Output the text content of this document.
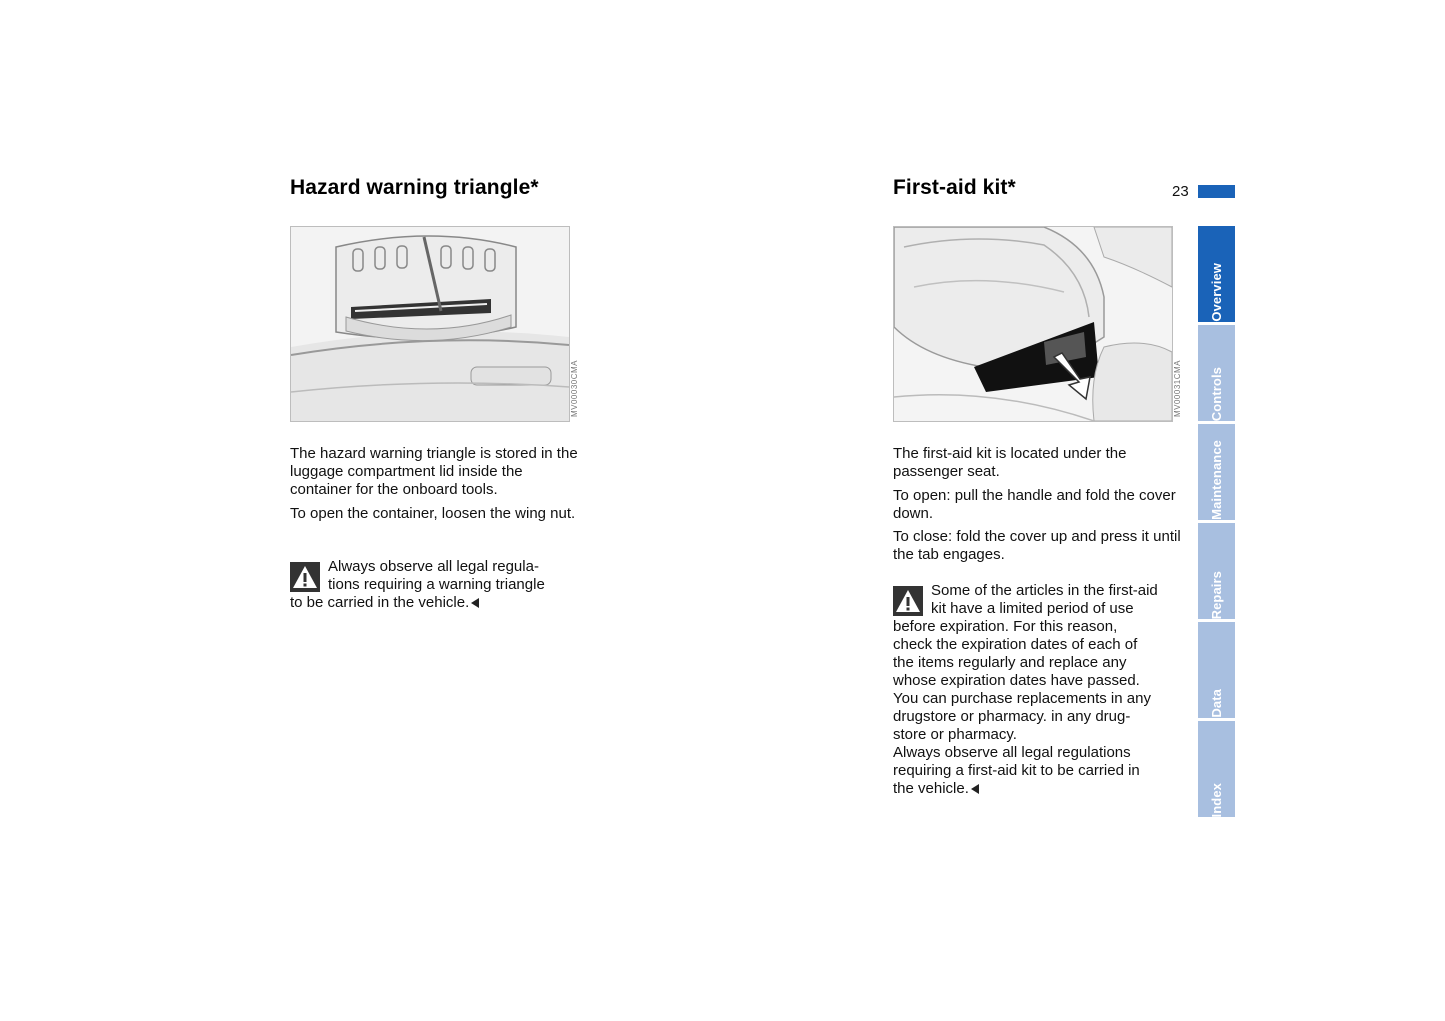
Hazard warning triangle*
MV00030CMA

The hazard warning triangle is stored in the luggage compartment lid inside the container for the onboard tools.

To open the container, loosen the wing nut.

Always observe all legal regula-
tions requiring a warning triangle
to be carried in the vehicle.
First-aid kit*	23
MV00031CMA

The first-aid kit is located under the passenger seat.

To open: pull the handle and fold the cover down.

To close: fold the cover up and press it until the tab engages.

Some of the articles in the first-aid
kit have a limited period of use
before expiration. For this reason,
check the expiration dates of each of
the items regularly and replace any
whose expiration dates have passed.
You can purchase replacements in any
drugstore or pharmacy. in any drug-
store or pharmacy.
Always observe all legal regulations
requiring a first-aid kit to be carried in
the vehicle.
Overview
Controls
Maintenance
Repairs
Data
Index
